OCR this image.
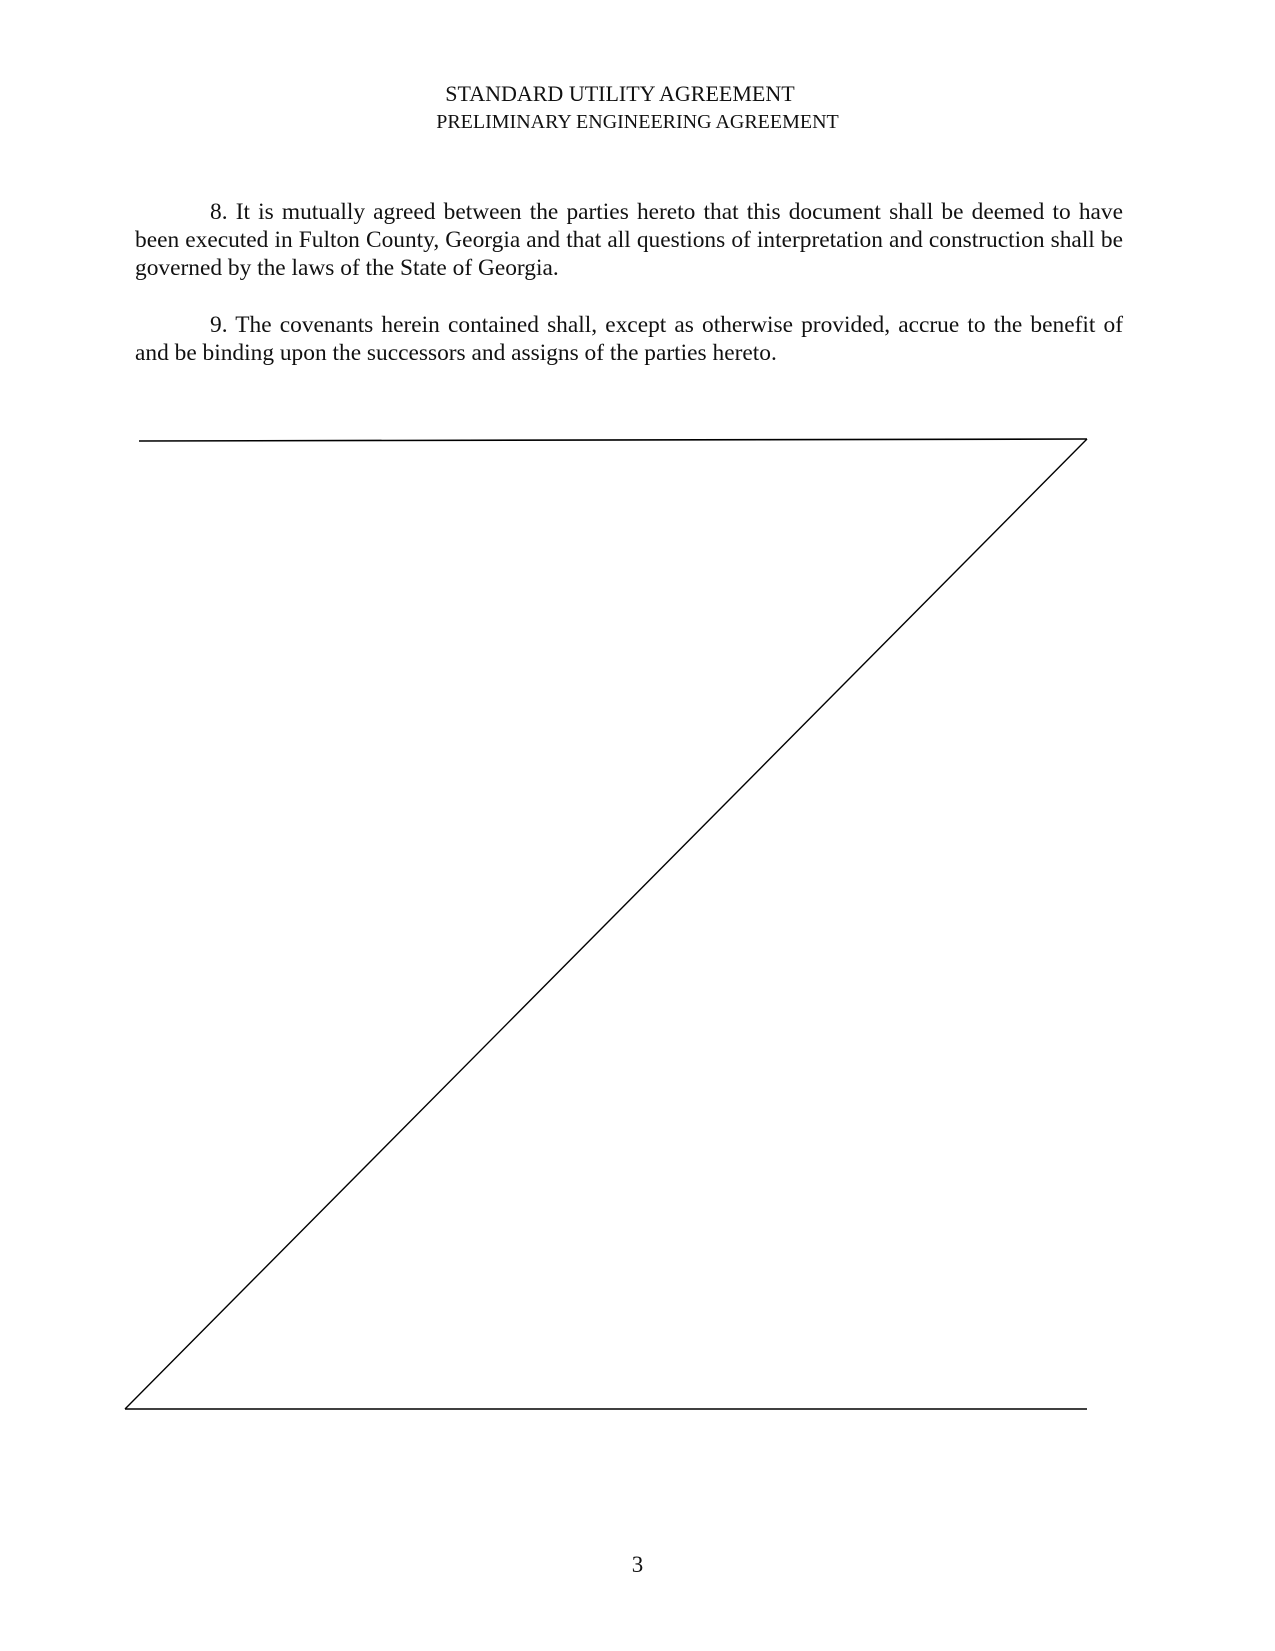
STANDARD UTILITY AGREEMENT
PRELIMINARY ENGINEERING AGREEMENT

8. It is mutually agreed between the parties hereto that this document shall be deemed to have been executed in Fulton County, Georgia and that all questions of interpretation and construction shall be governed by the laws of the State of Georgia.

9. The covenants herein contained shall, except as otherwise provided, accrue to the benefit of and be binding upon the successors and assigns of the parties hereto.

3
